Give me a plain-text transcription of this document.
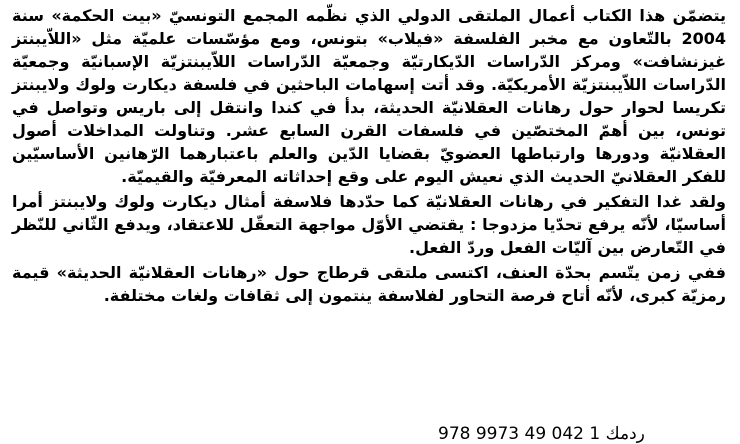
يتضمّن هذا الكتاب أعمال الملتقى الدولي الذي نظّمه المجمع التونسيّ «بيت الحكمة» سنة 2004 بالتّعاون مع مخبر الفلسفة «فيلاب» بتونس، ومع مؤسّسات علميّة مثل «اللاّيبنتز غيزنشافت» ومركز الدّراسات الدّيكارتيّة وجمعيّة الدّراسات اللاّيبنتزيّة الإسبانيّة وجمعيّة الدّراسات اللاّيبنتزيّة الأمريكيّة. وقد أتت إسهامات الباحثين في فلسفة ديكارت ولوك ولايبنتز تكريسا لحوار حول رهانات العقلانيّة الحديثة، بدأ في كندا وانتقل إلى باريس وتواصل في تونس، بين أهمّ المختصّين في فلسفات القرن السابع عشر. وتناولت المداخلات أصول العقلانيّة ودورها وارتباطها العضويّ بقضايا الدّين والعلم باعتبارهما الرّهانين الأساسيّين للفكر العقلانيّ الحديث الذي نعيش اليوم على وقع إحداثاته المعرفيّة والقيميّة.

ولقد غدا التفكير في رهانات العقلانيّة كما حدّدها فلاسفة أمثال ديكارت ولوك ولايبنتز أمرا أساسيّا، لأنّه يرفع تحدّيا مزدوجا : يقتضي الأوّل مواجهة التعقّل للاعتقاد، ويدفع الثّاني للنّظر في التّعارض بين آليّات الفعل وردّ الفعل.

ففي زمن يتّسم بحدّة العنف، اكتسى ملتقى قرطاج حول «رهانات العقلانيّة الحديثة» قيمة رمزيّة كبرى، لأنّه أتاح فرصة التحاور لفلاسفة ينتمون إلى ثقافات ولغات مختلفة.

978 9973 49 042 1 ردمك
